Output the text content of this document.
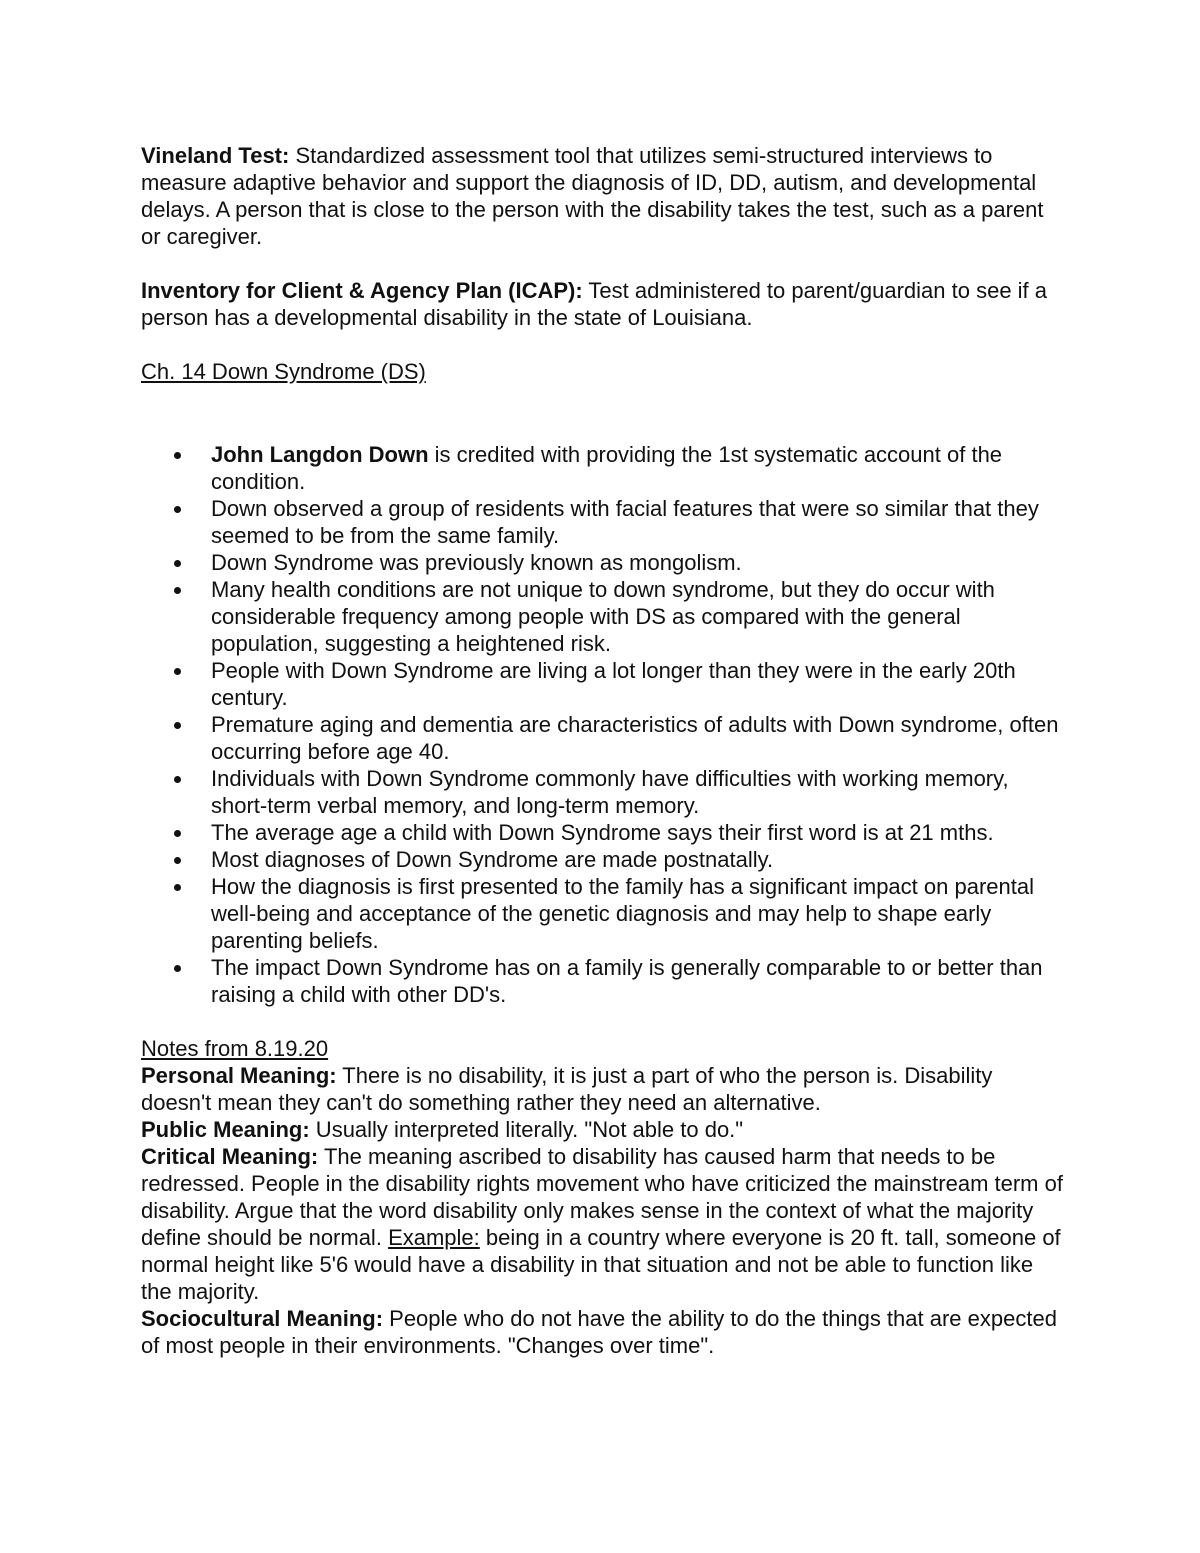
Vineland Test: Standardized assessment tool that utilizes semi-structured interviews to measure adaptive behavior and support the diagnosis of ID, DD, autism, and developmental delays. A person that is close to the person with the disability takes the test, such as a parent or caregiver.

Inventory for Client & Agency Plan (ICAP): Test administered to parent/guardian to see if a person has a developmental disability in the state of Louisiana.

Ch. 14 Down Syndrome (DS)

John Langdon Down is credited with providing the 1st systematic account of the condition.
Down observed a group of residents with facial features that were so similar that they seemed to be from the same family.
Down Syndrome was previously known as mongolism.
Many health conditions are not unique to down syndrome, but they do occur with considerable frequency among people with DS as compared with the general population, suggesting a heightened risk.
People with Down Syndrome are living a lot longer than they were in the early 20th century.
Premature aging and dementia are characteristics of adults with Down syndrome, often occurring before age 40.
Individuals with Down Syndrome commonly have difficulties with working memory, short-term verbal memory, and long-term memory.
The average age a child with Down Syndrome says their first word is at 21 mths.
Most diagnoses of Down Syndrome are made postnatally.
How the diagnosis is first presented to the family has a significant impact on parental well-being and acceptance of the genetic diagnosis and may help to shape early parenting beliefs.
The impact Down Syndrome has on a family is generally comparable to or better than raising a child with other DD's.

Notes from 8.19.20

Personal Meaning: There is no disability, it is just a part of who the person is. Disability doesn't mean they can't do something rather they need an alternative.

Public Meaning: Usually interpreted literally. "Not able to do."

Critical Meaning: The meaning ascribed to disability has caused harm that needs to be redressed. People in the disability rights movement who have criticized the mainstream term of disability. Argue that the word disability only makes sense in the context of what the majority define should be normal. Example: being in a country where everyone is 20 ft. tall, someone of normal height like 5'6 would have a disability in that situation and not be able to function like the majority.

Sociocultural Meaning: People who do not have the ability to do the things that are expected of most people in their environments. "Changes over time".
